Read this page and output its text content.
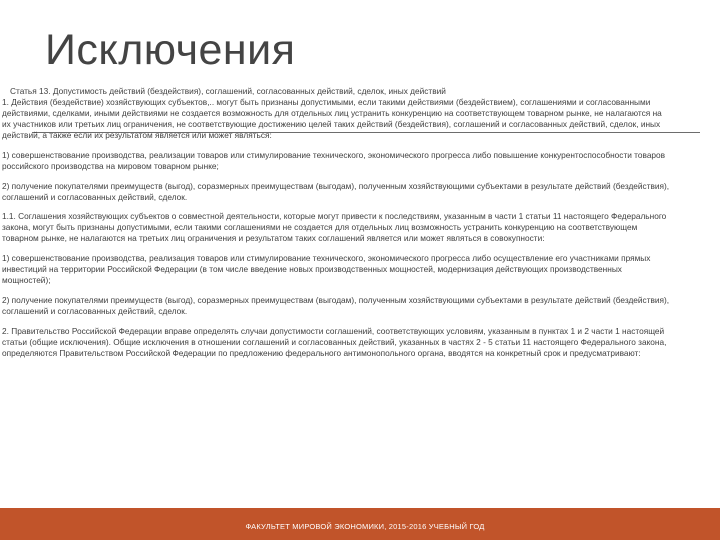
Исключения

Статья 13. Допустимость действий (бездействия), соглашений, согласованных действий, сделок, иных действий

1. Действия (бездействие) хозяйствующих субъектов,.. могут быть признаны допустимыми, если такими действиями (бездействием), соглашениями и согласованными действиями, сделками, иными действиями не создается возможность для отдельных лиц устранить конкуренцию на соответствующем товарном рынке, не налагаются на их участников или третьих лиц ограничения, не соответствующие достижению целей таких действий (бездействия), соглашений и согласованных действий, сделок, иных действий, а также если их результатом является или может являться:

1) совершенствование производства, реализации товаров или стимулирование технического, экономического прогресса либо повышение конкурентоспособности товаров российского производства на мировом товарном рынке;

2) получение покупателями преимуществ (выгод), соразмерных преимуществам (выгодам), полученным хозяйствующими субъектами в результате действий (бездействия), соглашений и согласованных действий, сделок.

1.1. Соглашения хозяйствующих субъектов о совместной деятельности, которые могут привести к последствиям, указанным в части 1 статьи 11 настоящего Федерального закона, могут быть признаны допустимыми, если такими соглашениями не создается для отдельных лиц возможность устранить конкуренцию на соответствующем товарном рынке, не налагаются на третьих лиц ограничения и результатом таких соглашений является или может являться в совокупности:

1) совершенствование производства, реализация товаров или стимулирование технического, экономического прогресса либо осуществление его участниками прямых инвестиций на территории Российской Федерации (в том числе введение новых производственных мощностей, модернизация действующих производственных мощностей);

2) получение покупателями преимуществ (выгод), соразмерных преимуществам (выгодам), полученным хозяйствующими субъектами в результате действий (бездействия), соглашений и согласованных действий, сделок.

2. Правительство Российской Федерации вправе определять случаи допустимости соглашений, соответствующих условиям, указанным в пунктах 1 и 2 части 1 настоящей статьи (общие исключения). Общие исключения в отношении соглашений и согласованных действий, указанных в частях 2 - 5 статьи 11 настоящего Федерального закона, определяются Правительством Российской Федерации по предложению федерального антимонопольного органа, вводятся на конкретный срок и предусматривают:

ФАКУЛЬТЕТ МИРОВОЙ ЭКОНОМИКИ, 2015-2016 УЧЕБНЫЙ ГОД
